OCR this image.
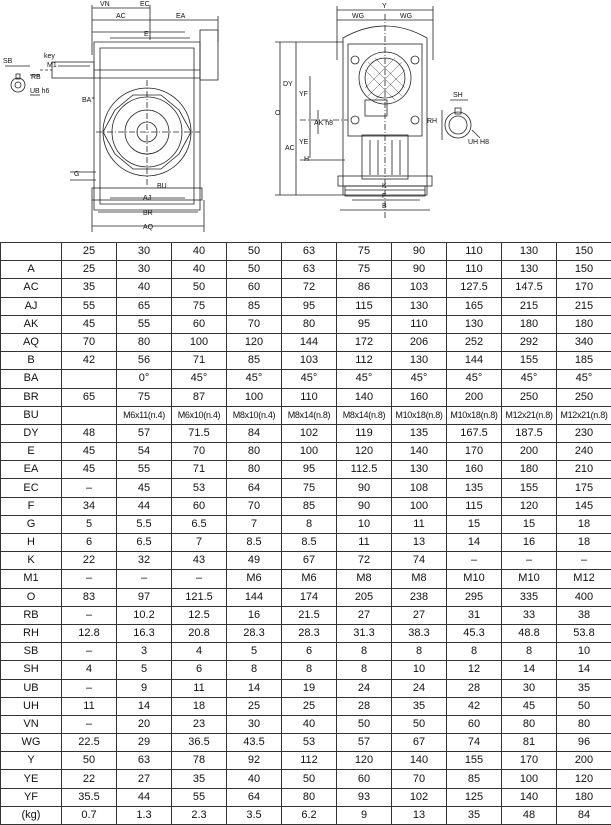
VN	EC
AC	EA
E
key
M1
SB
RB
UB h6
BA°
G
BU
AJ
BR
AQ
Y
WG	WG
DY
YF
O
AK h8
AC
YE
H
K
F
B
SH
RH
UH H8
	25	30	40	50	63	75	90	110	130	150
A	25	30	40	50	63	75	90	110	130	150
AC	35	40	50	60	72	86	103	127.5	147.5	170
AJ	55	65	75	85	95	115	130	165	215	215
AK	45	55	60	70	80	95	110	130	180	180
AQ	70	80	100	120	144	172	206	252	292	340
B	42	56	71	85	103	112	130	144	155	185
BA		0°	45°	45°	45°	45°	45°	45°	45°	45°
BR	65	75	87	100	110	140	160	200	250	250
BU		M6x11(n.4)	M6x10(n.4)	M8x10(n.4)	M8x14(n.8)	M8x14(n.8)	M10x18(n.8)	M10x18(n.8)	M12x21(n.8)	M12x21(n.8)
DY	48	57	71.5	84	102	119	135	167.5	187.5	230
E	45	54	70	80	100	120	140	170	200	240
EA	45	55	71	80	95	112.5	130	160	180	210
EC	–	45	53	64	75	90	108	135	155	175
F	34	44	60	70	85	90	100	115	120	145
G	5	5.5	6.5	7	8	10	11	15	15	18
H	6	6.5	7	8.5	8.5	11	13	14	16	18
K	22	32	43	49	67	72	74	–	–	–
M1	–	–	–	M6	M6	M8	M8	M10	M10	M12
O	83	97	121.5	144	174	205	238	295	335	400
RB	–	10.2	12.5	16	21.5	27	27	31	33	38
RH	12.8	16.3	20.8	28.3	28.3	31.3	38.3	45.3	48.8	53.8
SB	–	3	4	5	6	8	8	8	8	10
SH	4	5	6	8	8	8	10	12	14	14
UB	–	9	11	14	19	24	24	28	30	35
UH	11	14	18	25	25	28	35	42	45	50
VN	–	20	23	30	40	50	50	60	80	80
WG	22.5	29	36.5	43.5	53	57	67	74	81	96
Y	50	63	78	92	112	120	140	155	170	200
YE	22	27	35	40	50	60	70	85	100	120
YF	35.5	44	55	64	80	93	102	125	140	180
(kg)	0.7	1.3	2.3	3.5	6.2	9	13	35	48	84
